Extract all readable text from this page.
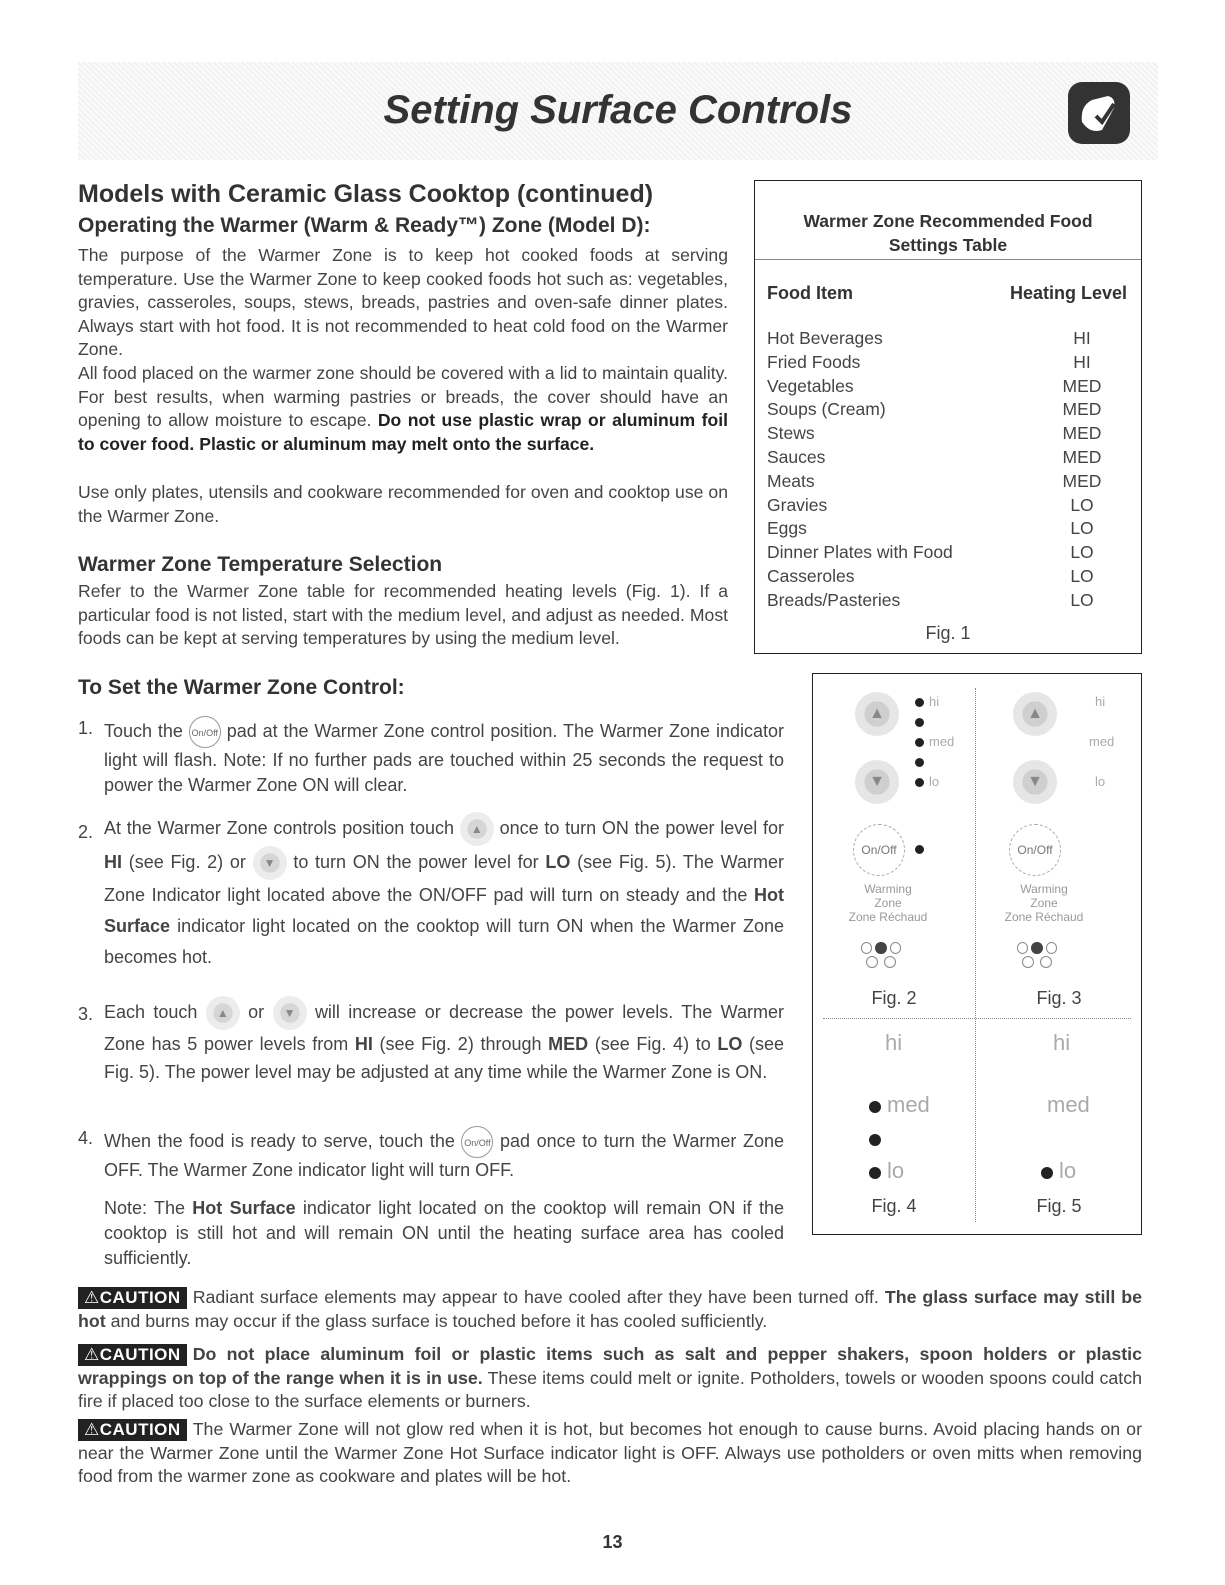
Setting Surface Controls
Models with Ceramic Glass Cooktop (continued)
Operating the Warmer (Warm & Ready™) Zone (Model D):
The purpose of the Warmer Zone is to keep hot cooked foods at serving temperature. Use the Warmer Zone to keep cooked foods hot such as: vegetables, gravies, casseroles, soups, stews, breads, pastries and oven-safe dinner plates. Always start with hot food. It is not recommended to heat cold food on the Warmer Zone.
All food placed on the warmer zone should be covered with a lid to maintain quality. For best results, when warming pastries or breads, the cover should have an opening to allow moisture to escape. Do not use plastic wrap or aluminum foil to cover food. Plastic or aluminum may melt onto the surface.
Use only plates, utensils and cookware recommended for oven and cooktop use on the Warmer Zone.
Warmer Zone Temperature Selection
Refer to the Warmer Zone table for recommended heating levels (Fig. 1). If a particular food is not listed, start with the medium level, and adjust as needed. Most foods can be kept at serving temperatures by using the medium level.
Warmer Zone Recommended Food
Settings Table
Food Item	Heating Level
Hot Beverages	HI
Fried Foods	HI
Vegetables	MED
Soups (Cream)	MED
Stews	MED
Sauces	MED
Meats	MED
Gravies	LO
Eggs	LO
Dinner Plates with Food	LO
Casseroles	LO
Breads/Pasteries	LO
Fig. 1
▲
▼
hi
med
lo
On/Off
Warming
Zone
Zone Réchaud
Fig. 2
▲
▼
hi
med
lo
On/Off
Warming
Zone
Zone Réchaud
Fig. 3
hi
med
lo
Fig. 4
hi
med
lo
Fig. 5
To Set the Warmer Zone Control:
1. Touch the On/Off pad at the Warmer Zone control position. The Warmer Zone indicator light will flash. Note: If no further pads are touched within 25 seconds the request to power the Warmer Zone ON will clear.
2. At the Warmer Zone controls position touch ▲ once to turn ON the power level for HI (see Fig. 2) or ▼ to turn ON the power level for LO (see Fig. 5). The Warmer Zone Indicator light located above the ON/OFF pad will turn on steady and the Hot Surface indicator light located on the cooktop will turn ON when the Warmer Zone becomes hot.
3. Each touch ▲ or ▼ will increase or decrease the power levels. The Warmer Zone has 5 power levels from HI (see Fig. 2) through MED (see Fig. 4) to LO (see Fig. 5). The power level may be adjusted at any time while the Warmer Zone is ON.
4. When the food is ready to serve, touch the On/Off pad once to turn the Warmer Zone OFF. The Warmer Zone indicator light will turn OFF.
Note: The Hot Surface indicator light located on the cooktop will remain ON if the cooktop is still hot and will remain ON until the heating surface area has cooled sufficiently.
⚠CAUTION Radiant surface elements may appear to have cooled after they have been turned off. The glass surface may still be hot and burns may occur if the glass surface is touched before it has cooled sufficiently.
⚠CAUTION Do not place aluminum foil or plastic items such as salt and pepper shakers, spoon holders or plastic wrappings on top of the range when it is in use. These items could melt or ignite. Potholders, towels or wooden spoons could catch fire if placed too close to the surface elements or burners.
⚠CAUTION The Warmer Zone will not glow red when it is hot, but becomes hot enough to cause burns. Avoid placing hands on or near the Warmer Zone until the Warmer Zone Hot Surface indicator light is OFF. Always use potholders or oven mitts when removing food from the warmer zone as cookware and plates will be hot.
13
